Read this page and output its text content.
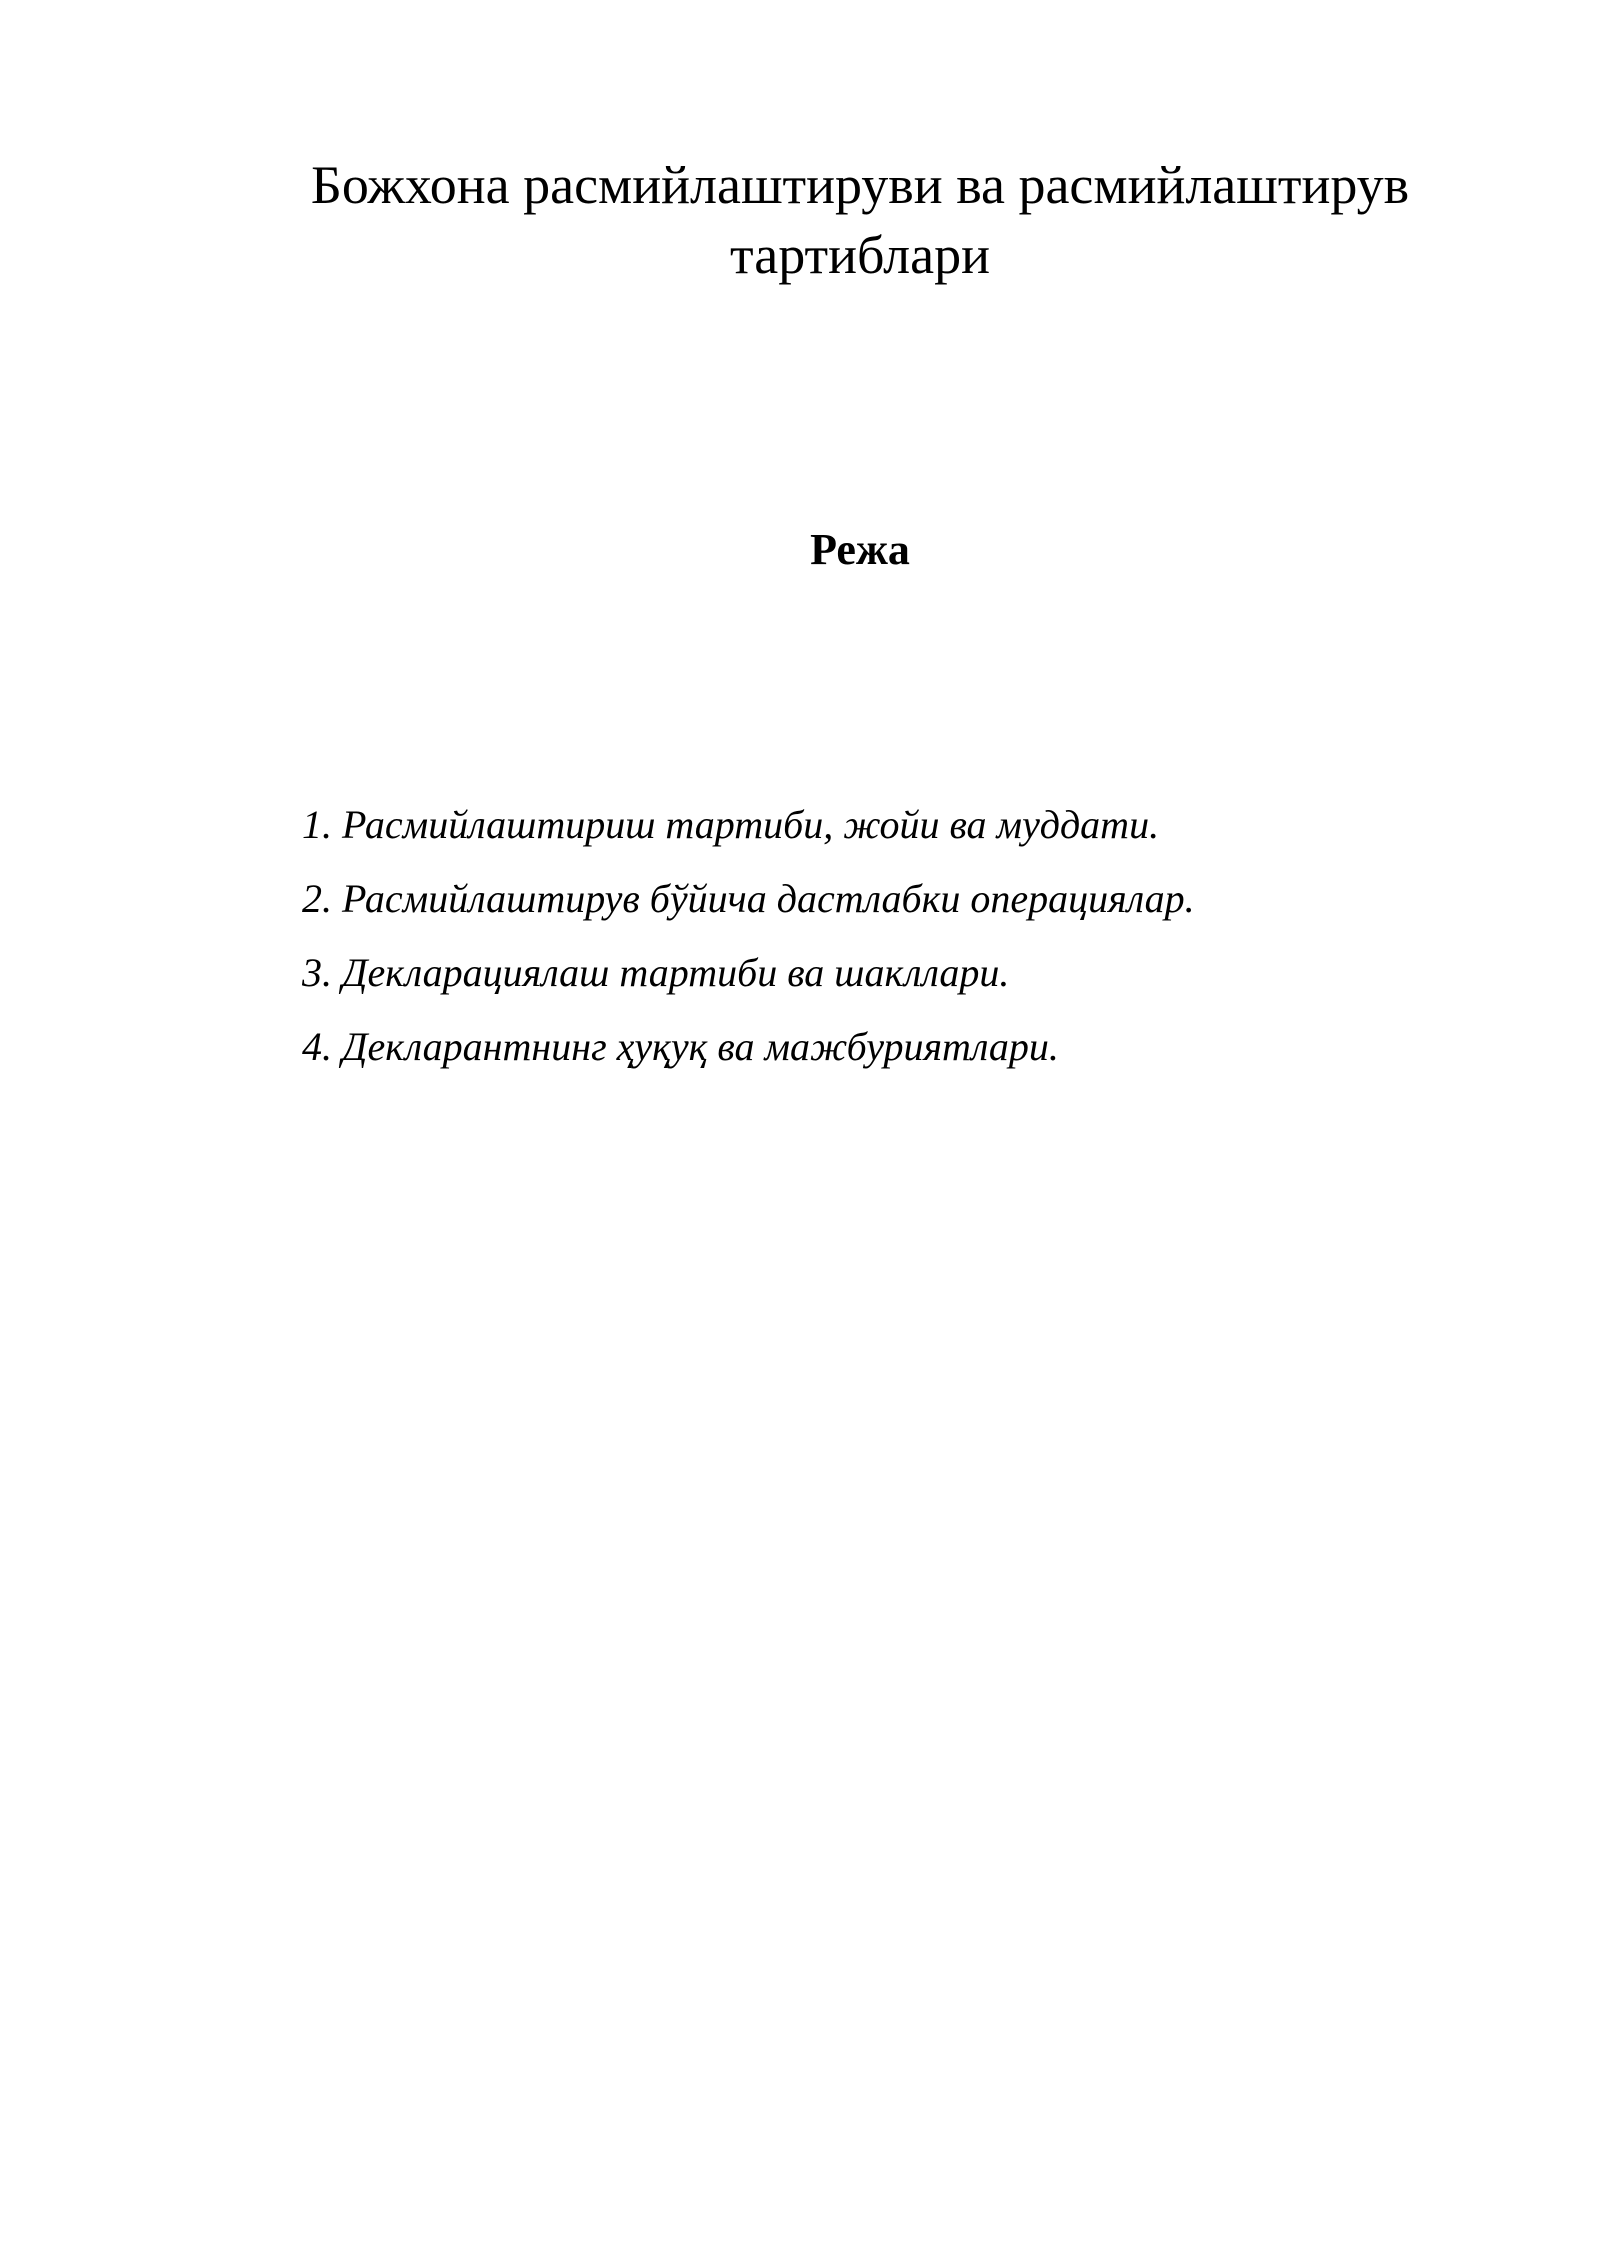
Божхона расмийлаштируви ва расмийлаштирув
тартиблари
Режа
1. Расмийлаштириш тартиби, жойи ва муддати.
2. Расмийлаштирув бўйича дастлабки операциялар.
3. Декларациялаш тартиби ва шакллари.
4. Декларантнинг ҳуқуқ ва мажбуриятлари.
